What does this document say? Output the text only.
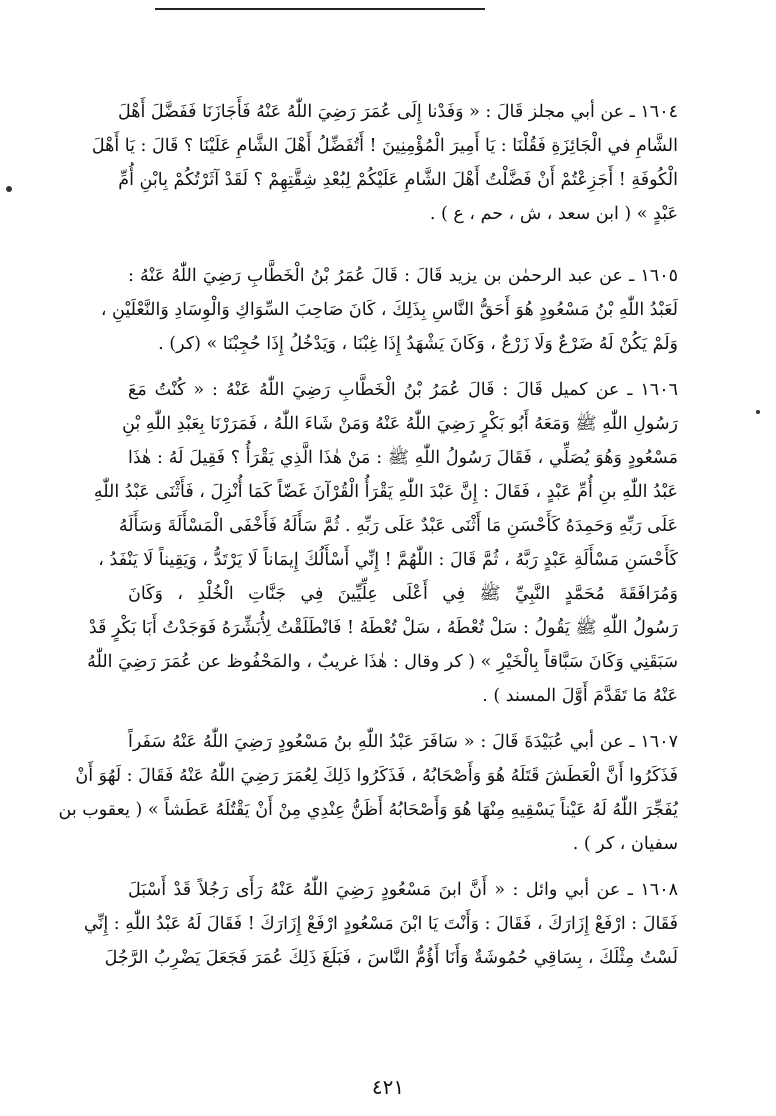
١٦٠٤ ـ عن أبي مجلز قَالَ : « وَفَدْنا إِلَى عُمَرَ رَضِيَ اللّٰهُ عَنْهُ فَأَجَازَنَا فَفَضَّلَ أَهْلَ
الشَّامِ في الْجَائِزَةِ فَقُلْنَا : يَا أَمِيرَ الْمُؤْمِنِينَ ! أَتُفَضِّلُ أَهْلَ الشَّامِ عَلَيْنَا ؟ قَالَ : يَا أَهْلَ
الْكُوفَةِ ! أَجَزِعْتُمْ أَنْ فَضَّلْتُ أَهْلَ الشَّامِ عَلَيْكُمْ لِبُعْدِ شِقَّتِهِمْ ؟ لَقَدْ آثَرْتُكُمْ بِابْنِ أُمِّ
عَبْدٍ » ( ابن سعد ، ش ، حم ، ع ) .
١٦٠٥ ـ عن عبد الرحمٰن بن يزيد قَالَ : قَالَ عُمَرُ بْنُ الْخَطَّابِ رَضِيَ اللّٰهُ عَنْهُ :
لَعَبْدُ اللّٰهِ بْنُ مَسْعُودٍ هُوَ أَحَقُّ النَّاسِ بِذَلِكَ ، كَانَ صَاحِبَ السِّوَاكِ وَالْوِسَادِ وَالنَّعْلَيْنِ ،
وَلَمْ يَكُنْ لَهُ ضَرْعٌ وَلَا زَرْعٌ ، وَكَانَ يَشْهَدُ إِذَا غِبْنَا ، وَيَدْخُلُ إِذَا حُجِبْنَا » (كر) .
١٦٠٦ ـ عن كميل قَالَ : قَالَ عُمَرُ بْنُ الْخَطَّابِ رَضِيَ اللّٰهُ عَنْهُ : « كُنْتُ مَعَ
رَسُولِ اللّٰهِ ﷺ وَمَعَهُ أَبُو بَكْرٍ رَضِيَ اللّٰهُ عَنْهُ وَمَنْ شَاءَ اللّٰهُ ، فَمَرَرْنَا بِعَبْدِ اللّٰهِ بْنِ
مَسْعُودٍ وَهُوَ يُصَلِّي ، فَقَالَ رَسُولُ اللّٰهِ ﷺ : مَنْ هٰذَا الَّذِي يَقْرَأُ ؟ فَقِيلَ لَهُ : هٰذَا
عَبْدُ اللّٰهِ بنِ أُمِّ عَبْدٍ ، فَقَالَ : إِنَّ عَبْدَ اللّٰهِ يَقْرَأُ الْقُرْآنَ غَضّاً كَمَا أُنْزِلَ ، فَأَثْنَى عَبْدُ اللّٰهِ
عَلَى رَبِّهِ وَحَمِدَهُ كَأَحْسَنِ مَا أَثْنَى عَبْدٌ عَلَى رَبِّهِ . ثُمَّ سَأَلَهُ فَأَخْفَى الْمَسْأَلَةَ وَسَأَلَهُ
كَأَحْسَنِ مَسْأَلَةِ عَبْدٍ رَبَّهُ ، ثُمَّ قَالَ : اللّٰهُمَّ ! إِنِّي أَسْأَلُكَ إِيمَاناً لَا يَرْتَدُّ ، وَيَقِيناً لَا يَنْفَدُ ،
وَمُرَافَقَةَ مُحَمَّدٍ النَّبِيِّ ﷺ فِي أَعْلَى عِلِّيِّينَ فِي جَنَّاتِ الْخُلْدِ ، وَكَانَ
رَسُولُ اللّٰهِ ﷺ يَقُولُ : سَلْ تُعْطَهُ ، سَلْ تُعْطَهُ ! فَانْطَلَقْتُ لِأُبَشِّرَهُ فَوَجَدْتُ أَبَا بَكْرٍ قَدْ
سَبَقَنِي وَكَانَ سَبَّاقاً بِالْخَيْرِ » ( كر وقال : هٰذَا غريبٌ ، والمَحْفُوظ عن عُمَرَ رَضِيَ اللّٰهُ
عَنْهُ مَا تَقَدَّمَ أَوَّلَ المسند ) .
١٦٠٧ ـ عن أبي عُبَيْدَةَ قَالَ : « سَافَرَ عَبْدُ اللّٰهِ بنُ مَسْعُودٍ رَضِيَ اللّٰهُ عَنْهُ سَفَراً
فَذَكَرُوا أَنَّ الْعَطَشَ قَتَلَهُ هُوَ وَأَصْحَابُهُ ، فَذَكَرُوا ذَلِكَ لِعُمَرَ رَضِيَ اللّٰهُ عَنْهُ فَقَالَ : لَهُوَ أَنْ
يُفَجِّرَ اللّٰهُ لَهُ عَيْناً يَسْقِيهِ مِنْهَا هُوَ وَأَصْحَابُهُ أَظَنُّ عِنْدِي مِنْ أَنْ يَقْتُلَهُ عَطَشاً » ( يعقوب بن
سفيان ، كر ) .
١٦٠٨ ـ عن أبي وائل : « أَنَّ ابنَ مَسْعُودٍ رَضِيَ اللّٰهُ عَنْهُ رَأَى رَجُلاً قَدْ أَسْبَلَ
فَقَالَ : ارْفَعْ إِزَارَكَ ، فَقَالَ : وَأَنْتَ يَا ابْنَ مَسْعُودٍ ارْفَعْ إِزَارَكَ ! فَقَالَ لَهُ عَبْدُ اللّٰهِ : إِنِّي
لَسْتُ مِثْلَكَ ، بِسَاقِي حُمُوشَةٌ وَأَنَا أَؤُمُّ النَّاسَ ، فَبَلَغَ ذَلِكَ عُمَرَ فَجَعَلَ يَضْرِبُ الرَّجُلَ
٤٢١
